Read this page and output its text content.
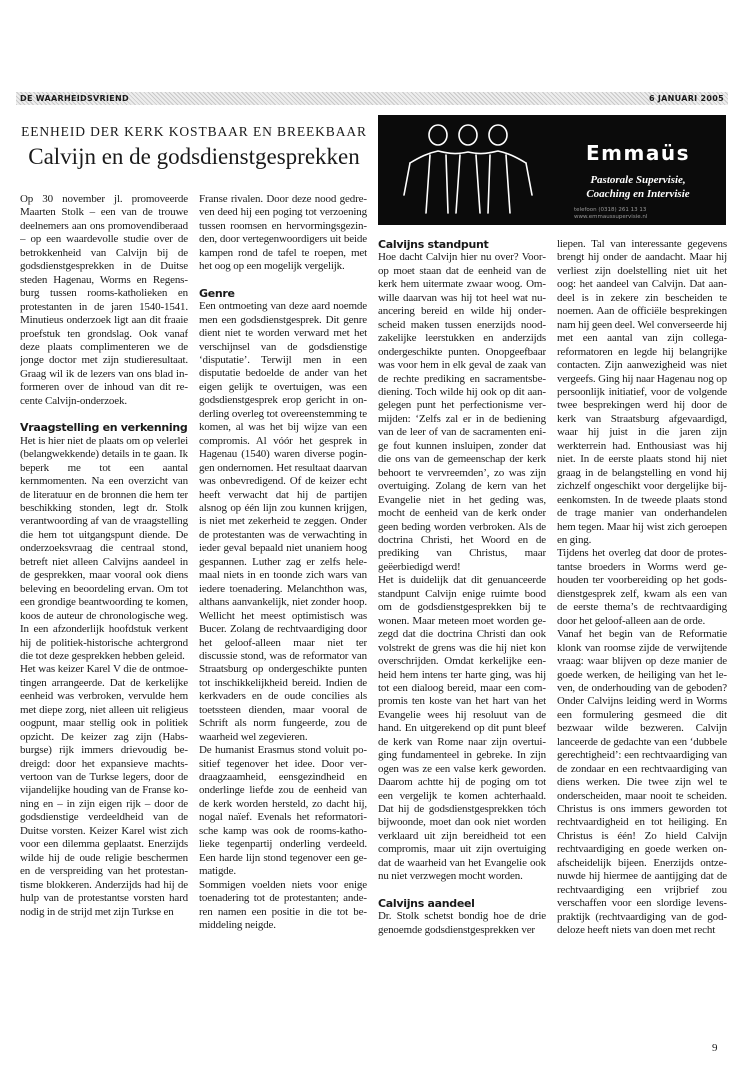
DE WAARHEIDSVRIEND	6 JANUARI 2005
EENHEID DER KERK KOSTBAAR EN BREEKBAAR
Calvijn en de godsdienstgesprekken	Emmaüs
Pastorale Supervisie,
Coaching en Intervisie
telefoon (0318) 261 13 13
www.emmaussupervisie.nl

Op 30 november jl. promoveerde Maarten Stolk – een van de trouwe deelnemers aan ons promovendiberaad – op een waardevolle studie over de betrokkenheid van Calvijn bij de godsdienstgesprekken in de Duitse steden Hagenau, Worms en Regensburg tussen rooms-katholieken en protestanten in de jaren 1540-1541. Minutieus onderzoek ligt aan dit fraaie proefstuk ten grondslag. Ook vanaf deze plaats complimenteren we de jonge doctor met zijn studieresultaat. Graag wil ik de lezers van ons blad informeren over de inhoud van dit recente Calvijn-onderzoek.

Vraagstelling en verkenning

Het is hier niet de plaats om op velerlei (belangwekkende) details in te gaan. Ik beperk me tot een aantal kernmomenten. Na een overzicht van de literatuur en de bronnen die hem ter beschikking stonden, legt dr. Stolk verantwoording af van de vraagstelling die hem tot uitgangspunt diende. De onderzoeksvraag die centraal stond, betreft niet alleen Calvijns aandeel in de gesprekken, maar vooral ook diens beleving en beoordeling ervan. Om tot een grondige beantwoording te komen, koos de auteur de chronologische weg. In een afzonderlijk hoofdstuk verkent hij de politiek-historische achtergrond die tot deze gesprekken hebben geleid.

Het was keizer Karel V die de ontmoetingen arrangeerde. Dat de kerkelijke eenheid was verbroken, vervulde hem met diepe zorg, niet alleen uit religieus oogpunt, maar stellig ook in politiek opzicht. De keizer zag zijn (Habsburgse) rijk immers drievoudig bedreigd: door het expansieve machtsvertoon van de Turkse legers, door de vijandelijke houding van de Franse koning en – in zijn eigen rijk – door de godsdienstige verdeeldheid van de Duitse vorsten. Keizer Karel wist zich voor een dilemma geplaatst. Enerzijds wilde hij de oude religie beschermen en de verspreiding van het protestantisme blokkeren. Anderzijds had hij de hulp van de protestantse vorsten hard nodig in de strijd met zijn Turkse en

Franse rivalen. Door deze nood gedreven deed hij een poging tot verzoening tussen roomsen en hervormingsgezinden, door vertegenwoordigers uit beide kampen rond de tafel te roepen, met het oog op een mogelijk vergelijk.

Genre

Een ontmoeting van deze aard noemde men een godsdienstgesprek. Dit genre dient niet te worden verward met het verschijnsel van de godsdienstige ‘disputatie’. Terwijl men in een disputatie bedoelde de ander van het eigen gelijk te overtuigen, was een godsdienstgesprek erop gericht in onderling overleg tot overeenstemming te komen, al was het bij wijze van een compromis. Al vóór het gesprek in Hagenau (1540) waren diverse pogingen ondernomen. Het resultaat daarvan was onbevredigend. Of de keizer echt heeft verwacht dat hij de partijen alsnog op één lijn zou kunnen krijgen, is niet met zekerheid te zeggen. Onder de protestanten was de verwachting in ieder geval bepaald niet unaniem hoog gespannen. Luther zag er zelfs helemaal niets in en toonde zich wars van iedere toenadering. Melanchthon was, althans aanvankelijk, niet zonder hoop. Wellicht het meest optimistisch was Bucer. Zolang de rechtvaardiging door het geloof-alleen maar niet ter discussie stond, was de reformator van Straatsburg op ondergeschikte punten tot inschikkelijkheid bereid. Indien de kerkvaders en de oude concilies als toetssteen dienden, maar vooral de Schrift als norm fungeerde, zou de waarheid wel zegevieren.

De humanist Erasmus stond voluit positief tegenover het idee. Door verdraagzaamheid, eensgezindheid en onderlinge liefde zou de eenheid van de kerk worden hersteld, zo dacht hij, nogal naïef. Evenals het reformatorische kamp was ook de rooms-katholieke tegenpartij onderling verdeeld. Een harde lijn stond tegenover een gematigde.

Sommigen voelden niets voor enige toenadering tot de protestanten; anderen namen een positie in die tot bemiddeling neigde.

Calvijns standpunt

Hoe dacht Calvijn hier nu over? Voorop moet staan dat de eenheid van de kerk hem uitermate zwaar woog. Omwille daarvan was hij tot heel wat nuancering bereid en wilde hij onderscheid maken tussen enerzijds noodzakelijke leerstukken en anderzijds ondergeschikte punten. Onopgeefbaar was voor hem in elk geval de zaak van de rechte prediking en sacramentsbediening. Toch wilde hij ook op dit aangelegen punt het perfectionisme vermijden: ‘Zelfs zal er in de bediening van de leer of van de sacramenten enige fout kunnen insluipen, zonder dat die ons van de gemeenschap der kerk behoort te vervreemden’, zo was zijn overtuiging. Zolang de kern van het Evangelie niet in het geding was, mocht de eenheid van de kerk onder geen beding worden verbroken. Als de doctrina Christi, het Woord en de prediking van Christus, maar geëerbiedigd werd!

Het is duidelijk dat dit genuanceerde standpunt Calvijn enige ruimte bood om de godsdienstgesprekken bij te wonen. Maar meteen moet worden gezegd dat die doctrina Christi dan ook volstrekt de grens was die hij niet kon overschrijden. Omdat kerkelijke eenheid hem intens ter harte ging, was hij tot een dialoog bereid, maar een compromis ten koste van het hart van het Evangelie wees hij resoluut van de hand. En uitgerekend op dit punt bleef de kerk van Rome naar zijn overtuiging fundamenteel in gebreke. In zijn ogen was ze een valse kerk geworden. Daarom achtte hij de poging om tot een vergelijk te komen achterhaald. Dat hij de godsdienstgesprekken tóch bijwoonde, moet dan ook niet worden verklaard uit zijn bereidheid tot een compromis, maar uit zijn overtuiging dat de waarheid van het Evangelie ook nu niet verzwegen mocht worden.

Calvijns aandeel

Dr. Stolk schetst bondig hoe de drie genoemde godsdienstgesprekken ver

liepen. Tal van interessante gegevens brengt hij onder de aandacht. Maar hij verliest zijn doelstelling niet uit het oog: het aandeel van Calvijn. Dat aandeel is in zekere zin bescheiden te noemen. Aan de officiële besprekingen nam hij geen deel. Wel converseerde hij met een aantal van zijn collega-reformatoren en legde hij belangrijke contacten. Zijn aanwezigheid was niet vergeefs. Ging hij naar Hagenau nog op persoonlijk initiatief, voor de volgende twee besprekingen werd hij door de kerk van Straatsburg afgevaardigd, waar hij juist in die jaren zijn werkterrein had. Enthousiast was hij niet. In de eerste plaats stond hij niet graag in de belangstelling en vond hij zichzelf ongeschikt voor dergelijke bijeenkomsten. In de tweede plaats stond de trage manier van onderhandelen hem tegen. Maar hij wist zich geroepen en ging.

Tijdens het overleg dat door de protestantse broeders in Worms werd gehouden ter voorbereiding op het godsdienstgesprek zelf, kwam als een van de eerste thema’s de rechtvaardiging door het geloof-alleen aan de orde.

Vanaf het begin van de Reformatie klonk van roomse zijde de verwijtende vraag: waar blijven op deze manier de goede werken, de heiliging van het leven, de onderhouding van de geboden? Onder Calvijns leiding werd in Worms een formulering gesmeed die dit bezwaar wilde bezweren. Calvijn lanceerde de gedachte van een ‘dubbele gerechtigheid’: een rechtvaardiging van de zondaar en een rechtvaardiging van diens werken. Die twee zijn wel te onderscheiden, maar nooit te scheiden. Christus is ons immers geworden tot rechtvaardigheid en tot heiliging. En Christus is één! Zo hield Calvijn rechtvaardiging en goede werken onafscheidelijk bijeen. Enerzijds ontzenuwde hij hiermee de aantijging dat de rechtvaardiging een vrijbrief zou verschaffen voor een slordige levenspraktijk (rechtvaardiging van de goddeloze heeft niets van doen met recht

9
